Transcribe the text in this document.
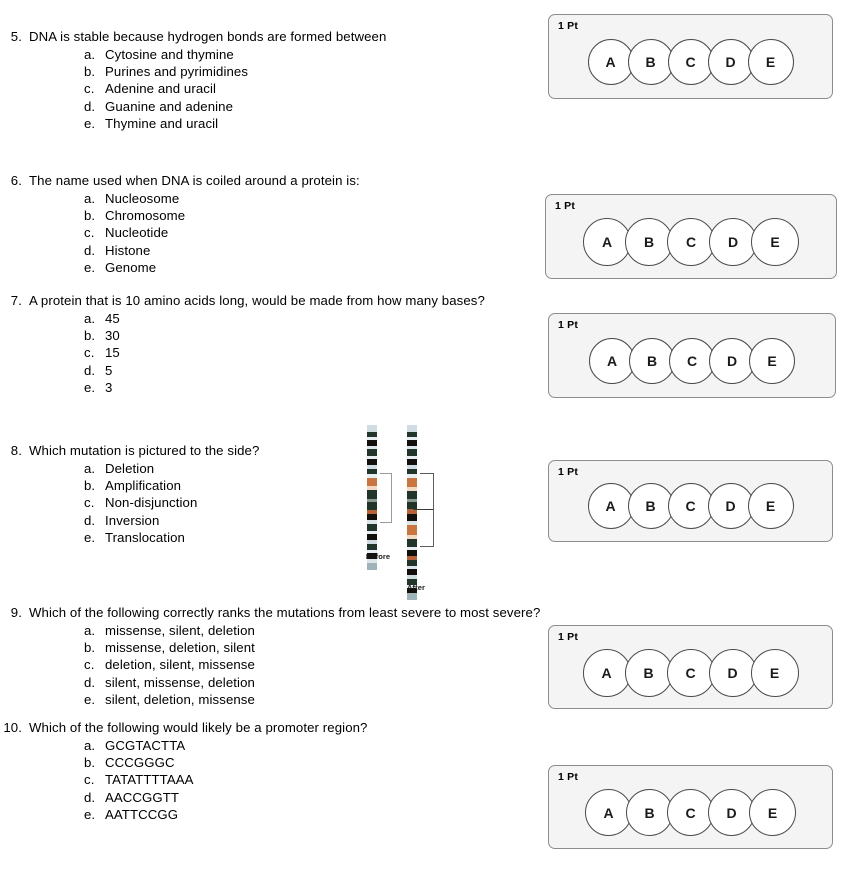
5. DNA is stable because hydrogen bonds are formed between
a. Cytosine and thymine
b. Purines and pyrimidines
c. Adenine and uracil
d. Guanine and adenine
e. Thymine and uracil
6. The name used when DNA is coiled around a protein is:
a. Nucleosome
b. Chromosome
c. Nucleotide
d. Histone
e. Genome
7. A protein that is 10 amino acids long, would be made from how many bases?
a. 45
b. 30
c. 15
d. 5
e. 3
8. Which mutation is pictured to the side?
a. Deletion
b. Amplification
c. Non-disjunction
d. Inversion
e. Translocation
Before
After
9. Which of the following correctly ranks the mutations from least severe to most severe?
a. missense, silent, deletion
b. missense, deletion, silent
c. deletion, silent, missense
d. silent, missense, deletion
e. silent, deletion, missense
10. Which of the following would likely be a promoter region?
a. GCGTACTTA
b. CCCGGGC
c. TATATTTTAAA
d. AACCGGTT
e. AATTCCGG
1 Pt
A	B	C	D	E
1 Pt
A	B	C	D	E
1 Pt
A	B	C	D	E
1 Pt
A	B	C	D	E
1 Pt
A	B	C	D	E
1 Pt
A	B	C	D	E
